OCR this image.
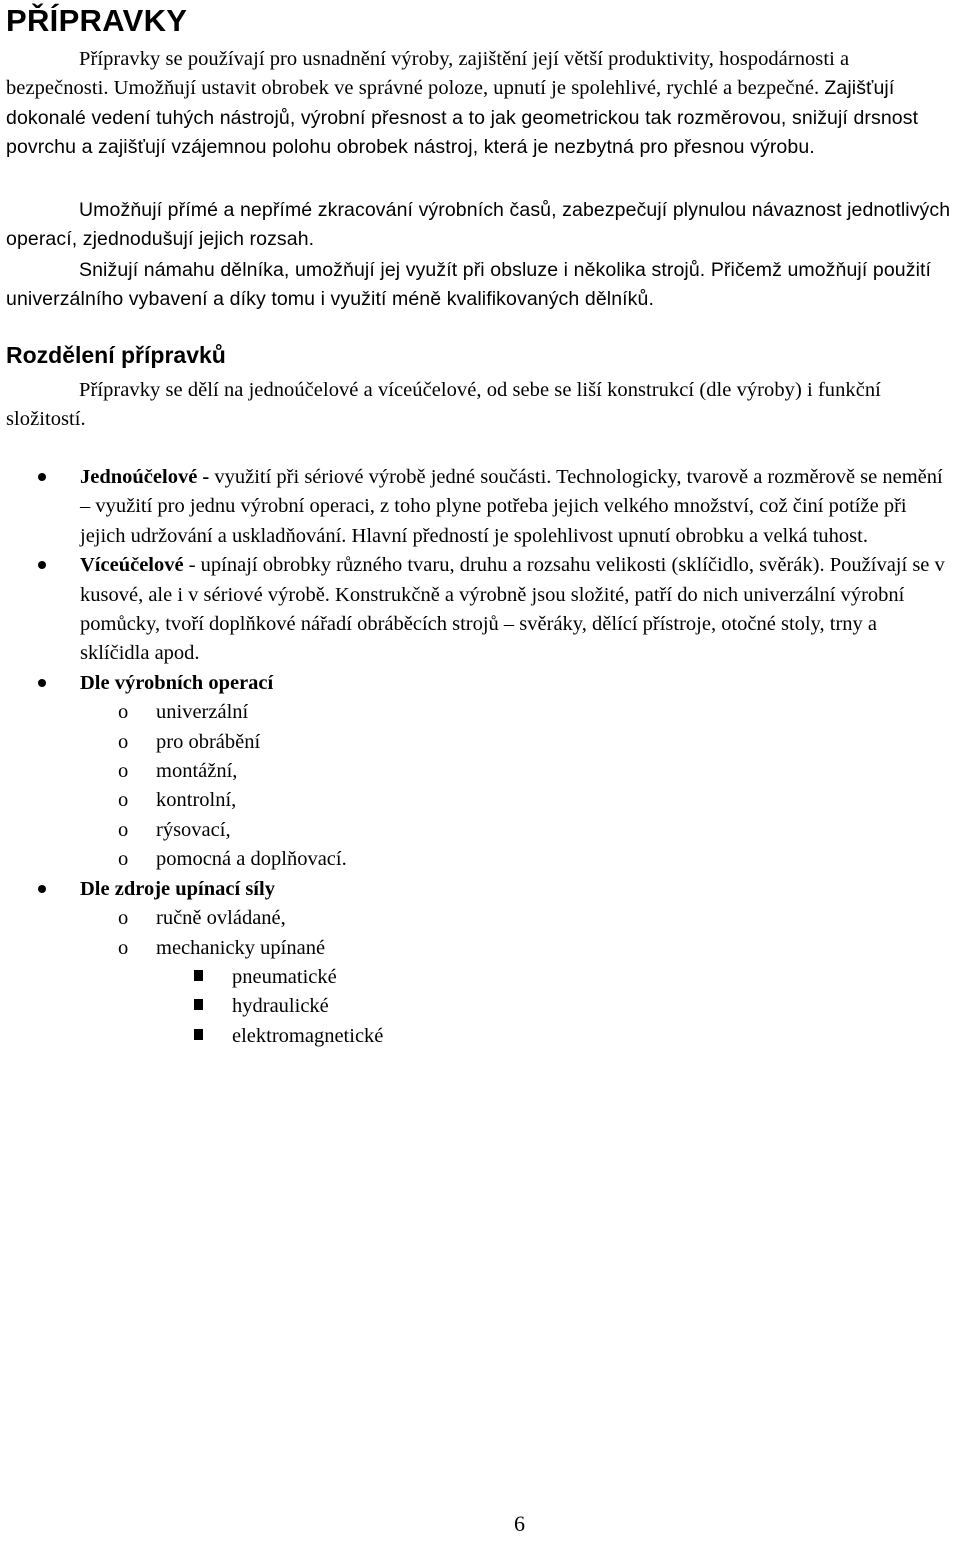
PŘÍPRAVKY

Přípravky se používají pro usnadnění výroby, zajištění její větší produktivity, hospodárnosti a bezpečnosti. Umožňují ustavit obrobek ve správné poloze, upnutí je spolehlivé, rychlé a bezpečné. Zajišťují dokonalé vedení tuhých nástrojů, výrobní přesnost a to jak geometrickou tak rozměrovou, snižují drsnost povrchu a zajišťují vzájemnou polohu obrobek nástroj, která je nezbytná pro přesnou výrobu.

Umožňují přímé a nepřímé zkracování výrobních časů, zabezpečují plynulou návaznost jednotlivých operací, zjednodušují jejich rozsah.

Snižují námahu dělníka, umožňují jej využít při obsluze i několika strojů. Přičemž umožňují použití univerzálního vybavení a díky tomu i využití méně kvalifikovaných dělníků.

Rozdělení přípravků

Přípravky se dělí na jednoúčelové a víceúčelové, od sebe se liší konstrukcí (dle výroby) i funkční složitostí.

Jednoúčelové - využití při sériové výrobě jedné součásti. Technologicky, tvarově a rozměrově se nemění – využití pro jednu výrobní operaci, z toho plyne potřeba jejich velkého množství, což činí potíže při jejich udržování a uskladňování. Hlavní předností je spolehlivost upnutí obrobku a velká tuhost.
Víceúčelové - upínají obrobky různého tvaru, druhu a rozsahu velikosti (sklíčidlo, svěrák). Používají se v kusové, ale i v sériové výrobě. Konstrukčně a výrobně jsou složité, patří do nich univerzální výrobní pomůcky, tvoří doplňkové nářadí obráběcích strojů – svěráky, dělící přístroje, otočné stoly, trny a sklíčidla apod.
Dle výrobních operací
o univerzální
o pro obrábění
o montážní,
o kontrolní,
o rýsovací,
o pomocná a doplňovací.
Dle zdroje upínací síly
o ručně ovládané,
o mechanicky upínané
pneumatické
hydraulické
elektromagnetické
6
